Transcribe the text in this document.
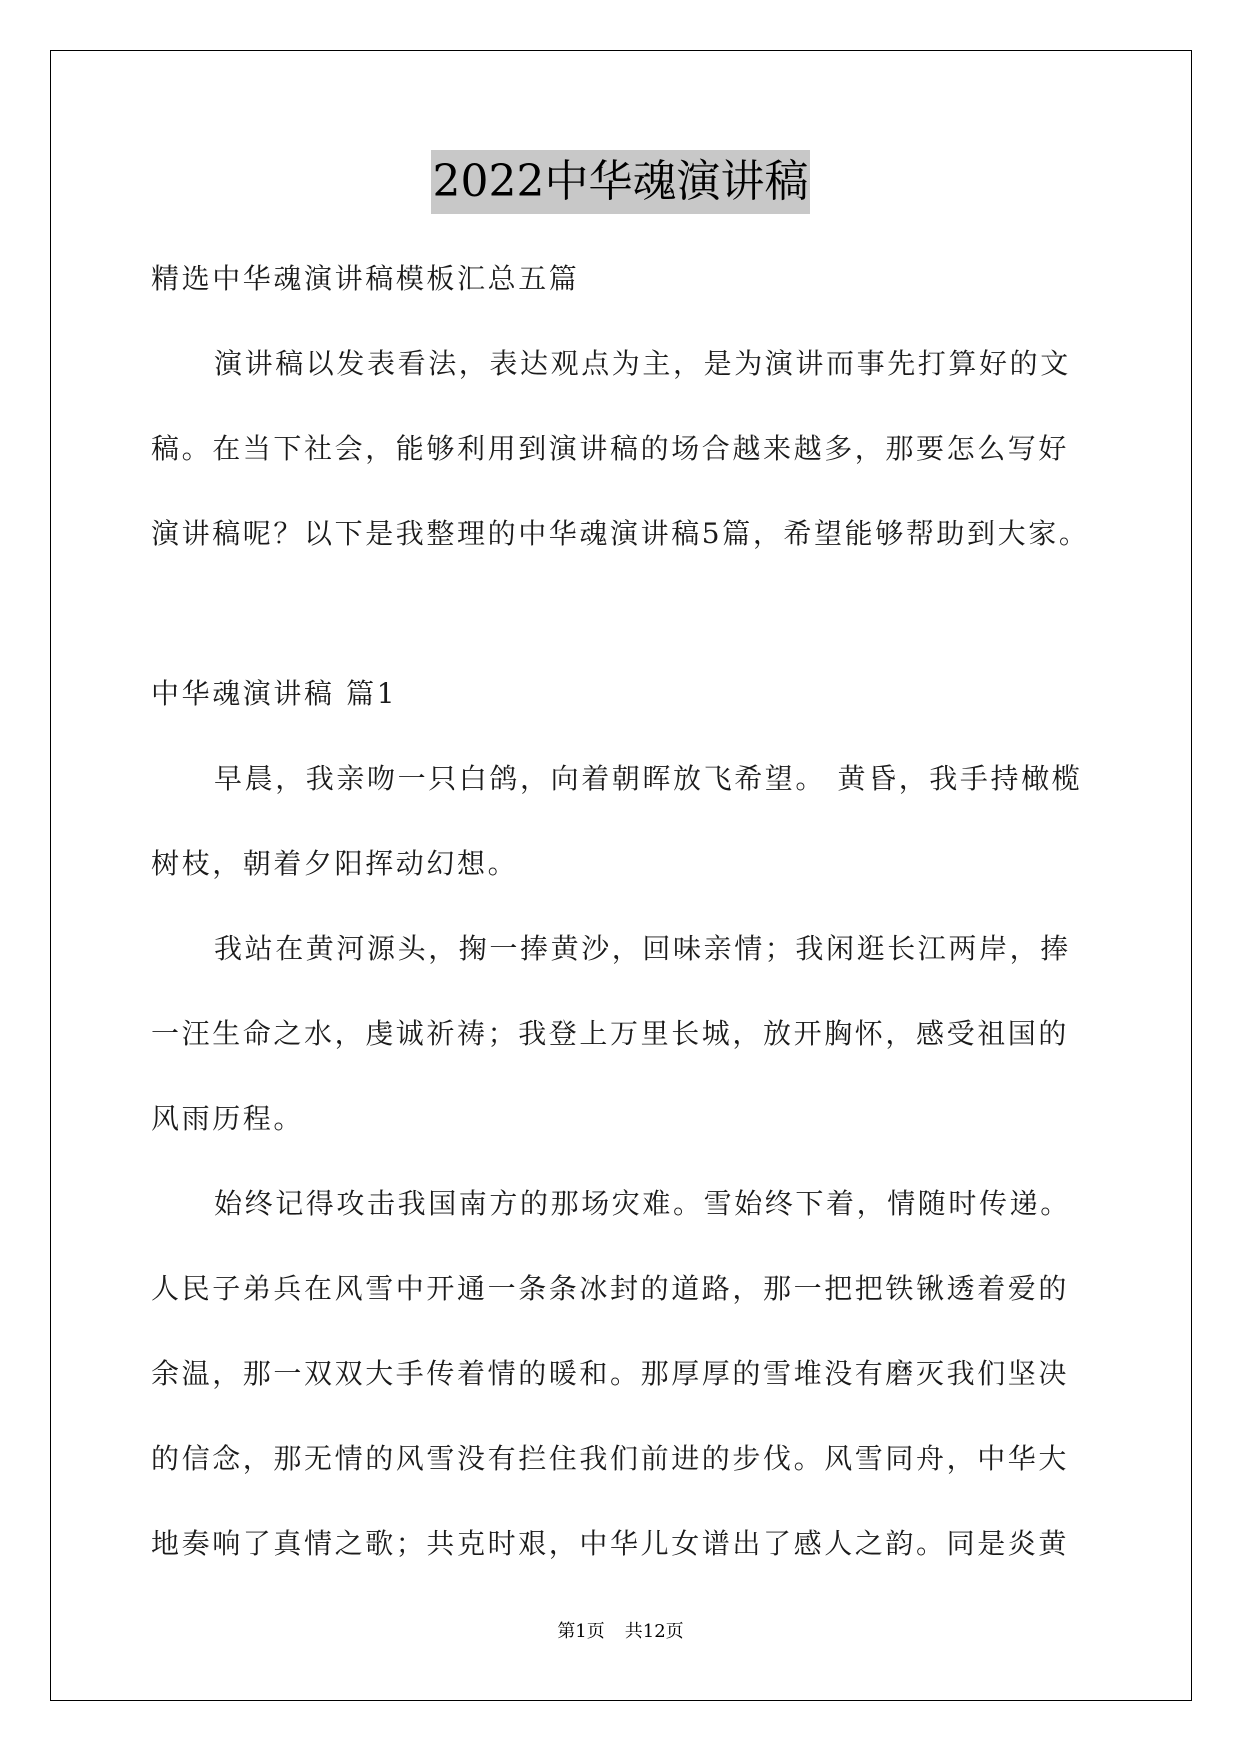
2022中华魂演讲稿

精选中华魂演讲稿模板汇总五篇

演讲稿以发表看法，表达观点为主，是为演讲而事先打算好的文稿。在当下社会，能够利用到演讲稿的场合越来越多，那要怎么写好演讲稿呢？以下是我整理的中华魂演讲稿5篇，希望能够帮助到大家。

中华魂演讲稿 篇1

早晨，我亲吻一只白鸽，向着朝晖放飞希望。 黄昏，我手持橄榄树枝，朝着夕阳挥动幻想。

我站在黄河源头，掬一捧黄沙，回味亲情；我闲逛长江两岸，捧一汪生命之水，虔诚祈祷；我登上万里长城，放开胸怀，感受祖国的风雨历程。

始终记得攻击我国南方的那场灾难。雪始终下着，情随时传递。人民子弟兵在风雪中开通一条条冰封的道路，那一把把铁锹透着爱的余温，那一双双大手传着情的暖和。那厚厚的雪堆没有磨灭我们坚决的信念，那无情的风雪没有拦住我们前进的步伐。风雪同舟，中华大地奏响了真情之歌；共克时艰，中华儿女谱出了感人之韵。同是炎黄

第1页 共12页
